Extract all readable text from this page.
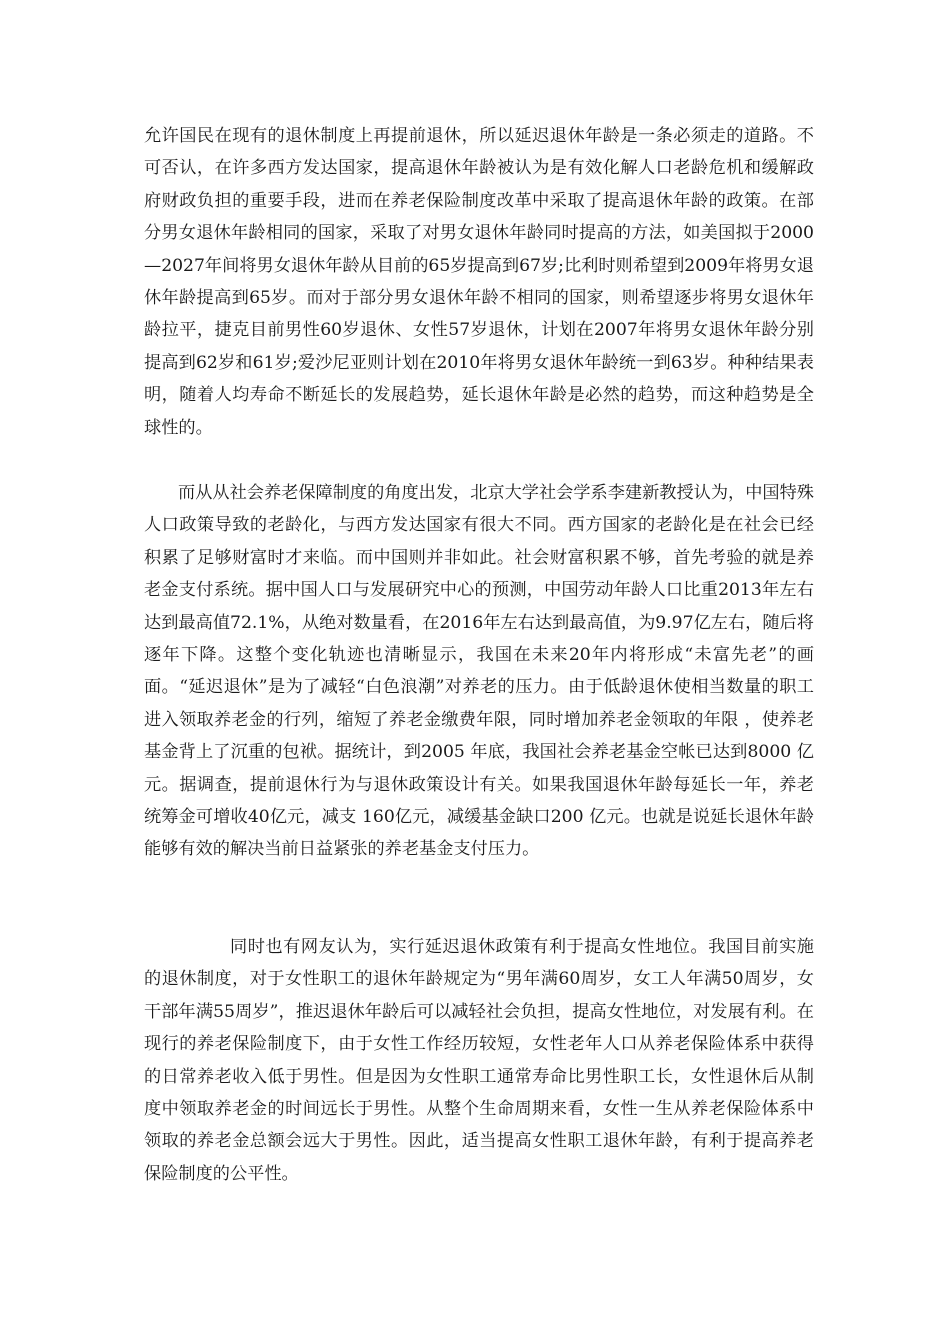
允许国民在现有的退休制度上再提前退休，所以延迟退休年龄是一条必须走的道路。不可否认，在许多西方发达国家，提高退休年龄被认为是有效化解人口老龄危机和缓解政府财政负担的重要手段，进而在养老保险制度改革中采取了提高退休年龄的政策。在部分男女退休年龄相同的国家，采取了对男女退休年龄同时提高的方法，如美国拟于2000—2027年间将男女退休年龄从目前的65岁提高到67岁;比利时则希望到2009年将男女退休年龄提高到65岁。而对于部分男女退休年龄不相同的国家，则希望逐步将男女退休年龄拉平，捷克目前男性60岁退休、女性57岁退休，计划在2007年将男女退休年龄分别提高到62岁和61岁;爱沙尼亚则计划在2010年将男女退休年龄统一到63岁。种种结果表明，随着人均寿命不断延长的发展趋势，延长退休年龄是必然的趋势，而这种趋势是全球性的。

而从从社会养老保障制度的角度出发，北京大学社会学系李建新教授认为，中国特殊人口政策导致的老龄化，与西方发达国家有很大不同。西方国家的老龄化是在社会已经积累了足够财富时才来临。而中国则并非如此。社会财富积累不够，首先考验的就是养老金支付系统。据中国人口与发展研究中心的预测，中国劳动年龄人口比重2013年左右达到最高值72.1%，从绝对数量看，在2016年左右达到最高值，为9.97亿左右，随后将逐年下降。这整个变化轨迹也清晰显示，我国在未来20年内将形成“未富先老”的画面。“延迟退休”是为了减轻“白色浪潮”对养老的压力。由于低龄退休使相当数量的职工进入领取养老金的行列，缩短了养老金缴费年限，同时增加养老金领取的年限 ，使养老基金背上了沉重的包袱。据统计，到2005 年底，我国社会养老基金空帐已达到8000 亿元。据调查，提前退休行为与退休政策设计有关。如果我国退休年龄每延长一年，养老统筹金可增收40亿元，减支 160亿元，减缓基金缺口200 亿元。也就是说延长退休年龄能够有效的解决当前日益紧张的养老基金支付压力。

同时也有网友认为，实行延迟退休政策有利于提高女性地位。我国目前实施的退休制度，对于女性职工的退休年龄规定为“男年满60周岁，女工人年满50周岁，女干部年满55周岁”，推迟退休年龄后可以减轻社会负担，提高女性地位，对发展有利。在现行的养老保险制度下，由于女性工作经历较短，女性老年人口从养老保险体系中获得的日常养老收入低于男性。但是因为女性职工通常寿命比男性职工长，女性退休后从制度中领取养老金的时间远长于男性。从整个生命周期来看，女性一生从养老保险体系中领取的养老金总额会远大于男性。因此，适当提高女性职工退休年龄，有利于提高养老保险制度的公平性。
